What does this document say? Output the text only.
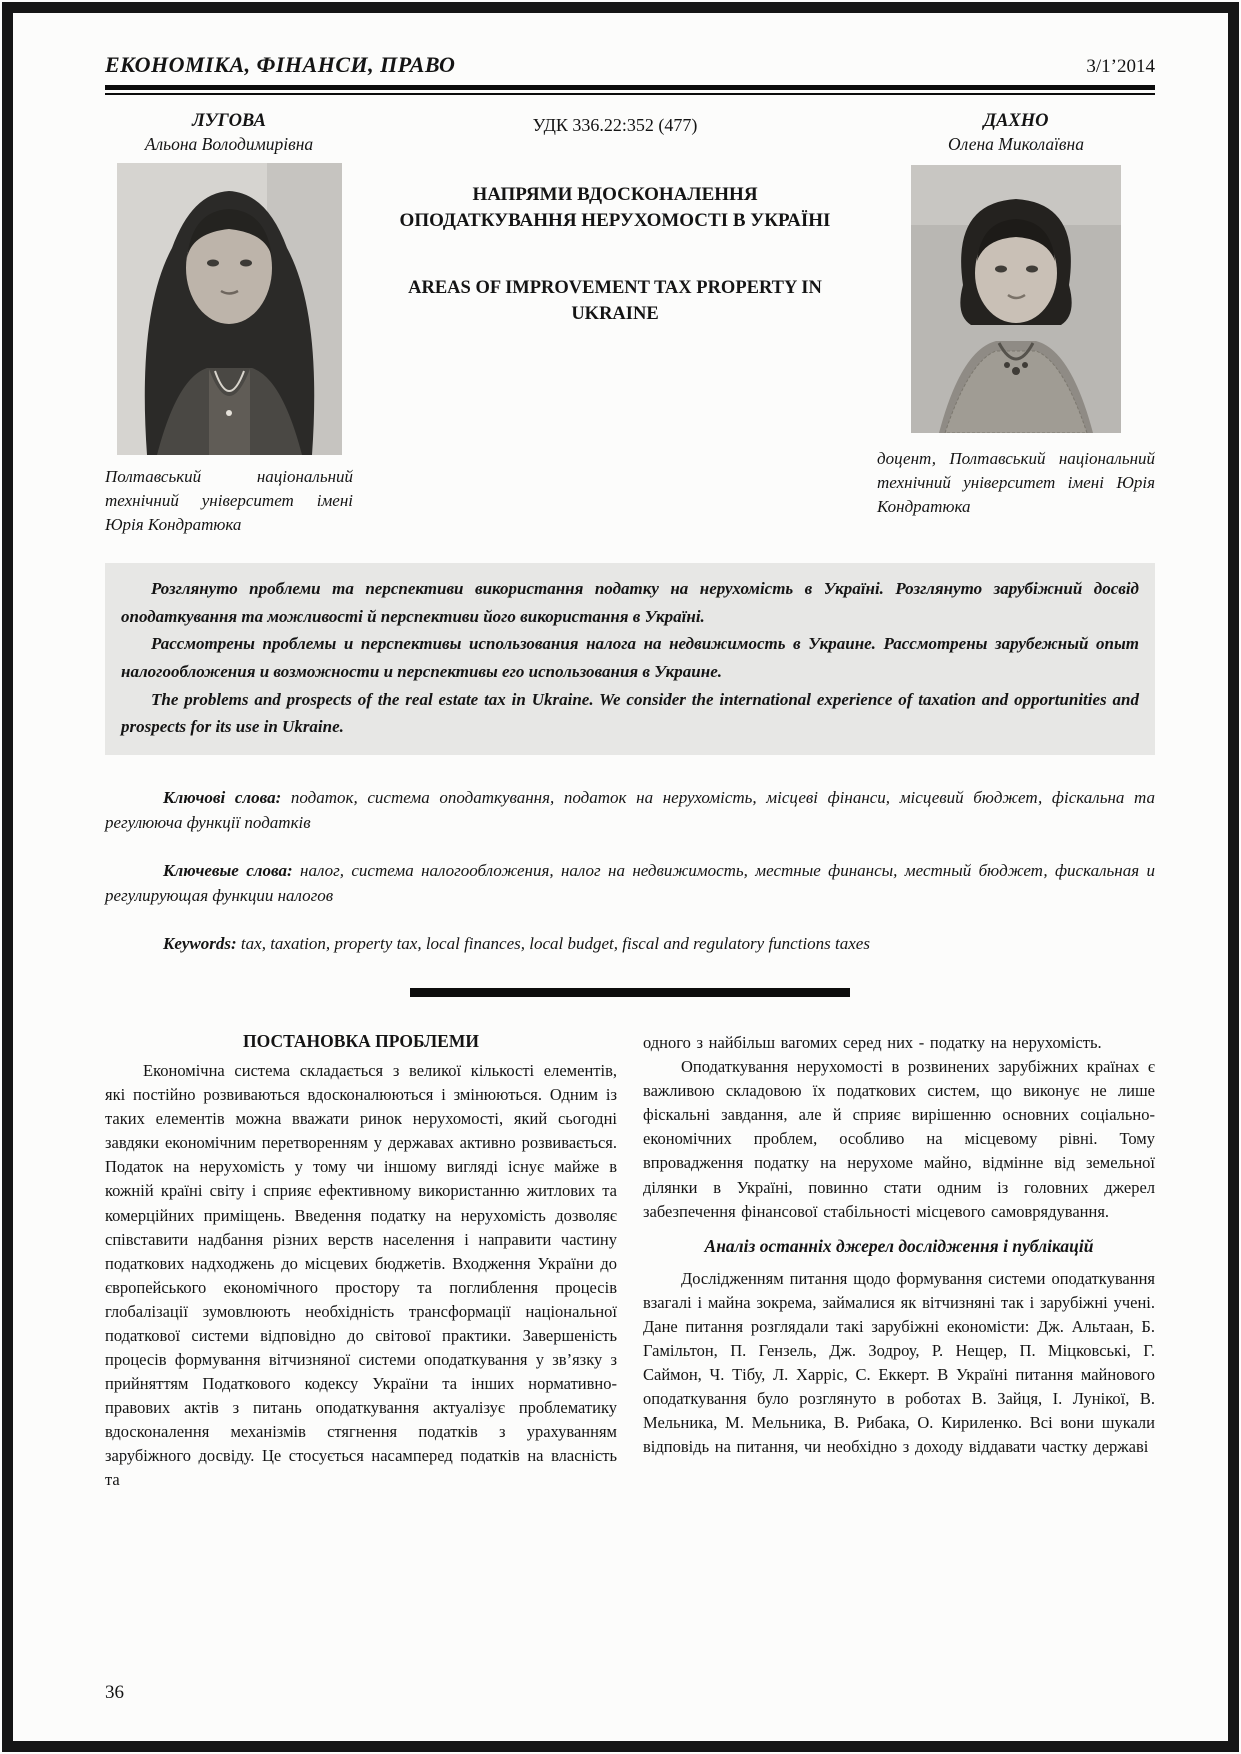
ЕКОНОМІКА, ФІНАНСИ, ПРАВО	3/1’2014
ЛУГОВА
Альона Володимирівна
Полтавський національний технічний університет імені Юрія Кондратюка
УДК 336.22:352 (477)
НАПРЯМИ ВДОСКОНАЛЕННЯ ОПОДАТКУВАННЯ НЕРУХОМОСТІ В УКРАЇНІ
AREAS OF IMPROVEMENT TAX PROPERTY IN UKRAINE
ДАХНО
Олена Миколаївна
доцент, Полтавський національний технічний університет імені Юрія Кондратюка

Розглянуто проблеми та перспективи використання податку на нерухомість в Україні. Розглянуто зарубіжний досвід оподаткування та можливості й перспективи його використання в Україні.

Рассмотрены проблемы и перспективы использования налога на недвижимость в Украине. Рассмотрены зарубежный опыт налогообложения и возможности и перспективы его использования в Украине.

The problems and prospects of the real estate tax in Ukraine. We consider the international experience of taxation and opportunities and prospects for its use in Ukraine.

Ключові слова: податок, система оподаткування, податок на нерухомість, місцеві фінанси, місцевий бюджет, фіскальна та регулююча функції податків

Ключевые слова: налог, система налогообложения, налог на недвижимость, местные финансы, местный бюджет, фискальная и регулирующая функции налогов

Keywords: tax, taxation, property tax, local finances, local budget, fiscal and regulatory functions taxes

ПОСТАНОВКА ПРОБЛЕМИ

Економічна система складається з великої кількості елементів, які постійно розвиваються вдосконалюються і змінюються. Одним із таких елементів можна вважати ринок нерухомості, який сьогодні завдяки економічним перетворенням у державах активно розвивається. Податок на нерухомість у тому чи іншому вигляді існує майже в кожній країні світу і сприяє ефективному використанню житлових та комерційних приміщень. Введення податку на нерухомість дозволяє співставити надбання різних верств населення і направити частину податкових надходжень до місцевих бюджетів. Входження України до європейського економічного простору та поглиблення процесів глобалізації зумовлюють необхідність трансформації національної податкової системи відповідно до світової практики. Завершеність процесів формування вітчизняної системи оподаткування у зв’язку з прийняттям Податкового кодексу України та інших нормативно-правових актів з питань оподаткування актуалізує проблематику вдосконалення механізмів стягнення податків з урахуванням зарубіжного досвіду. Це стосується насамперед податків на власність та

одного з найбільш вагомих серед них - податку на нерухомість.

Оподаткування нерухомості в розвинених зарубіжних країнах є важливою складовою їх податкових систем, що виконує не лише фіскальні завдання, але й сприяє вирішенню основних соціально-економічних проблем, особливо на місцевому рівні. Тому впровадження податку на нерухоме майно, відмінне від земельної ділянки в Україні, повинно стати одним із головних джерел забезпечення фінансової стабільності місцевого самоврядування.

Аналіз останніх джерел дослідження і публікацій

Дослідженням питання щодо формування системи оподаткування взагалі і майна зокрема, займалися як вітчизняні так і зарубіжні учені. Дане питання розглядали такі зарубіжні економісти: Дж. Альтаан, Б. Гамільтон, П. Гензель, Дж. Зодроу, Р. Нещер, П. Міцковські, Г. Саймон, Ч. Тібу, Л. Харріс, С. Еккерт. В Україні питання майнового оподаткування було розглянуто в роботах В. Зайця, І. Лунікої, В. Мельника, М. Мельника, В. Рибака, О. Кириленко. Всі вони шукали відповідь на питання, чи необхідно з доходу віддавати частку державі

36
